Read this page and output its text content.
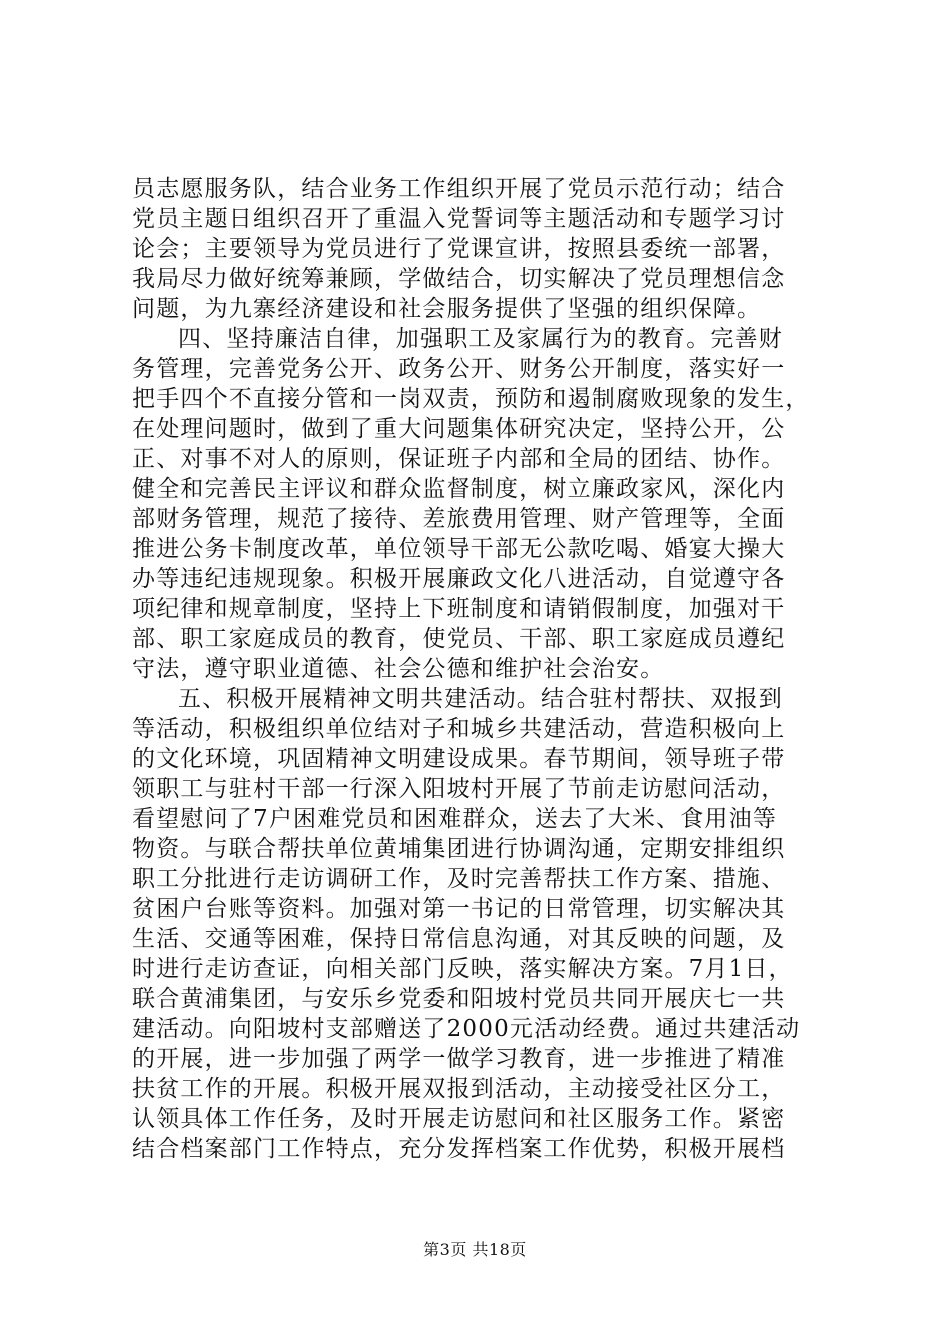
员志愿服务队，结合业务工作组织开展了党员示范行动；结合
党员主题日组织召开了重温入党誓词等主题活动和专题学习讨
论会；主要领导为党员进行了党课宣讲，按照县委统一部署，
我局尽力做好统筹兼顾，学做结合，切实解决了党员理想信念
问题，为九寨经济建设和社会服务提供了坚强的组织保障。
四、坚持廉洁自律，加强职工及家属行为的教育。完善财
务管理，完善党务公开、政务公开、财务公开制度，落实好一
把手四个不直接分管和一岗双责，预防和遏制腐败现象的发生，
在处理问题时，做到了重大问题集体研究决定，坚持公开，公
正、对事不对人的原则，保证班子内部和全局的团结、协作。
健全和完善民主评议和群众监督制度，树立廉政家风，深化内
部财务管理，规范了接待、差旅费用管理、财产管理等，全面
推进公务卡制度改革，单位领导干部无公款吃喝、婚宴大操大
办等违纪违规现象。积极开展廉政文化八进活动，自觉遵守各
项纪律和规章制度，坚持上下班制度和请销假制度，加强对干
部、职工家庭成员的教育，使党员、干部、职工家庭成员遵纪
守法，遵守职业道德、社会公德和维护社会治安。
五、积极开展精神文明共建活动。结合驻村帮扶、双报到
等活动，积极组织单位结对子和城乡共建活动，营造积极向上
的文化环境，巩固精神文明建设成果。春节期间，领导班子带
领职工与驻村干部一行深入阳坡村开展了节前走访慰问活动，
看望慰问了7户困难党员和困难群众，送去了大米、食用油等
物资。与联合帮扶单位黄埔集团进行协调沟通，定期安排组织
职工分批进行走访调研工作，及时完善帮扶工作方案、措施、
贫困户台账等资料。加强对第一书记的日常管理，切实解决其
生活、交通等困难，保持日常信息沟通，对其反映的问题，及
时进行走访查证，向相关部门反映，落实解决方案。7月1日，
联合黄浦集团，与安乐乡党委和阳坡村党员共同开展庆七一共
建活动。向阳坡村支部赠送了2000元活动经费。通过共建活动
的开展，进一步加强了两学一做学习教育，进一步推进了精准
扶贫工作的开展。积极开展双报到活动，主动接受社区分工，
认领具体工作任务，及时开展走访慰问和社区服务工作。紧密
结合档案部门工作特点，充分发挥档案工作优势，积极开展档
第3页 共18页
